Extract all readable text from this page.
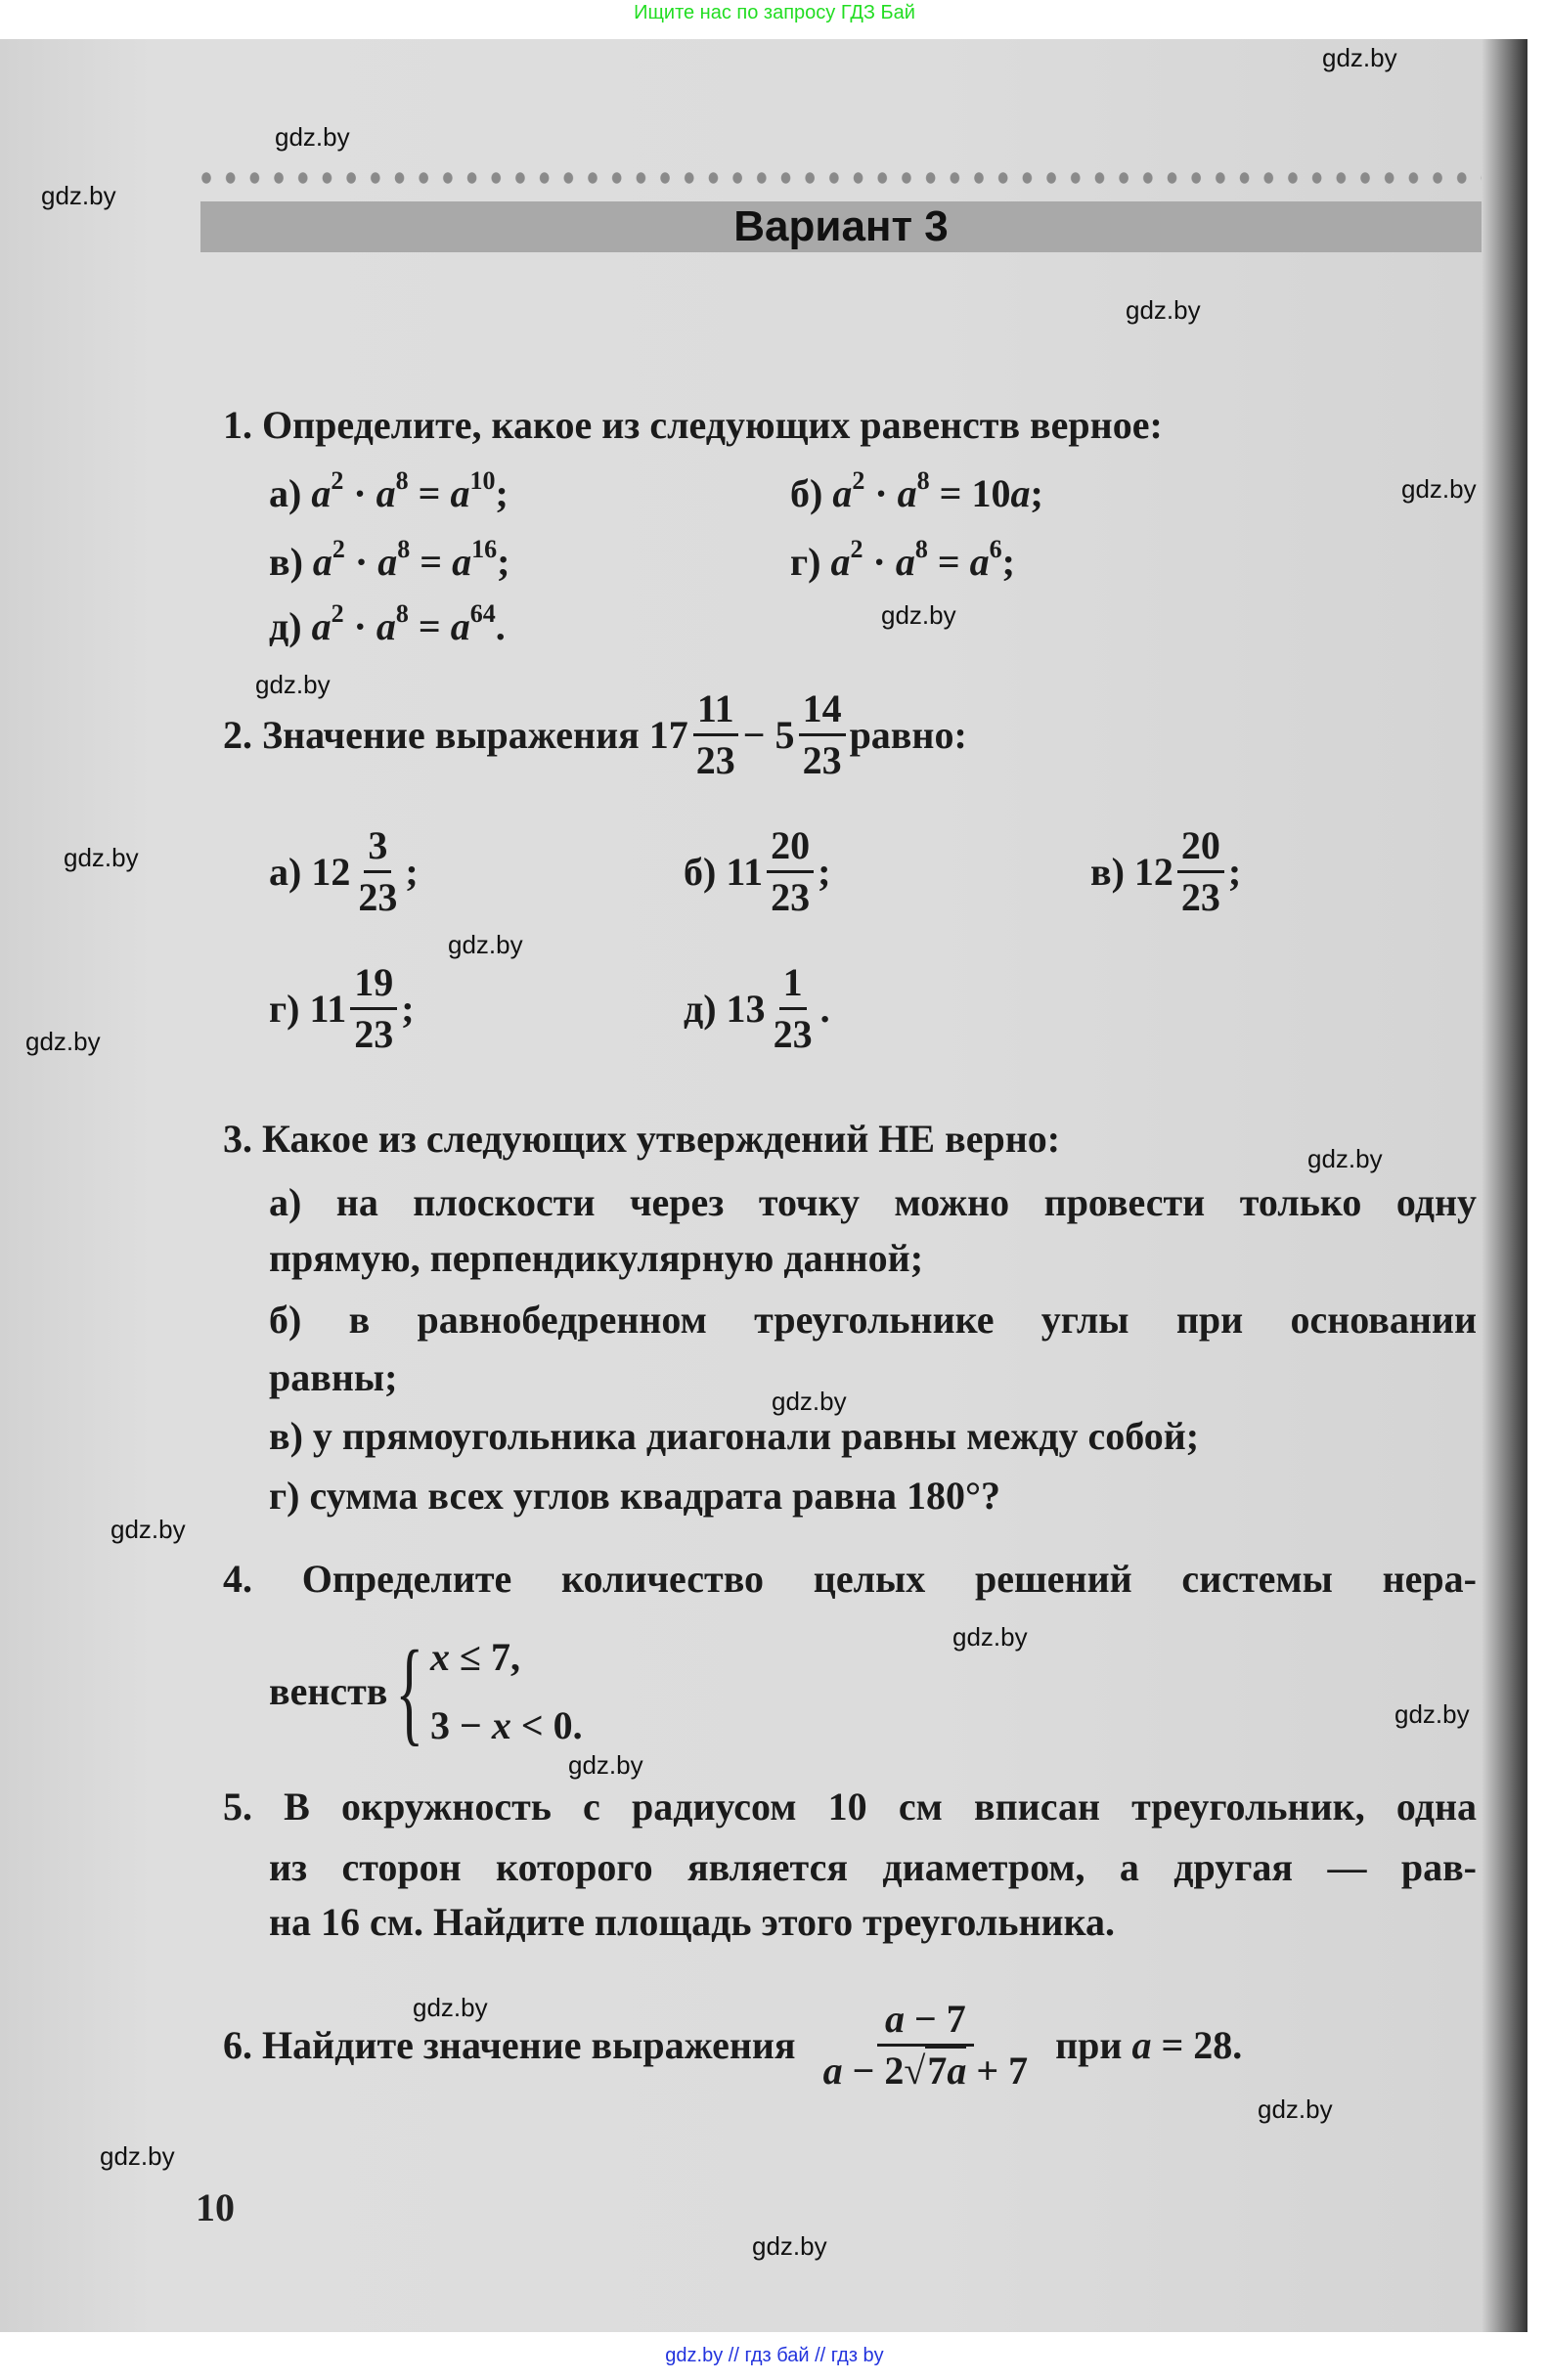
Ищите нас по запросу ГДЗ Бай
Вариант 3
1. Определите, какое из следующих равенств верное:
а) $a^2 \cdot a^8 = a^{10}$;	б) $a^2 \cdot a^8 = 10a$;
в) $a^2 \cdot a^8 = a^{16}$;	г) $a^2 \cdot a^8 = a^6$;
д) $a^2 \cdot a^8 = a^{64}$.
2. Значение выражения $17 \frac{11}{23} - 5 \frac{14}{23}$ равно:
а) $12 \frac{3}{23}$ ;	б) $11 \frac{20}{23}$ ;	в) $12 \frac{20}{23}$ ;
г) $11 \frac{19}{23}$ ;	д) $13 \frac{1}{23}$ .
3. Какое из следующих утверждений НЕ верно:
а) на плоскости через точку можно провести только одну
прямую, перпендикулярную данной;
б) в равнобедренном треугольнике углы при основании
равны;
в) у прямоугольника диагонали равны между собой;
г) сумма всех углов квадрата равна 180°?
4. Определите количество целых решений системы нера-
венств { x ≤ 7,
3 − x < 0.
5. В окружность с радиусом 10 см вписан треугольник, одна
из сторон которого является диаметром, а другая — рав-
на 16 см. Найдите площадь этого треугольника.
6. Найдите значение выражения $\frac{a - 7}{a - 2√7a + 7}$ при a = 28.
10
gdz.by
gdz.by
gdz.by
gdz.by
gdz.by
gdz.by
gdz.by
gdz.by
gdz.by
gdz.by
gdz.by
gdz.by
gdz.by
gdz.by
gdz.by
gdz.by
gdz.by
gdz.by
gdz.by
gdz.by
gdz.by // гдз бай // гдз by
